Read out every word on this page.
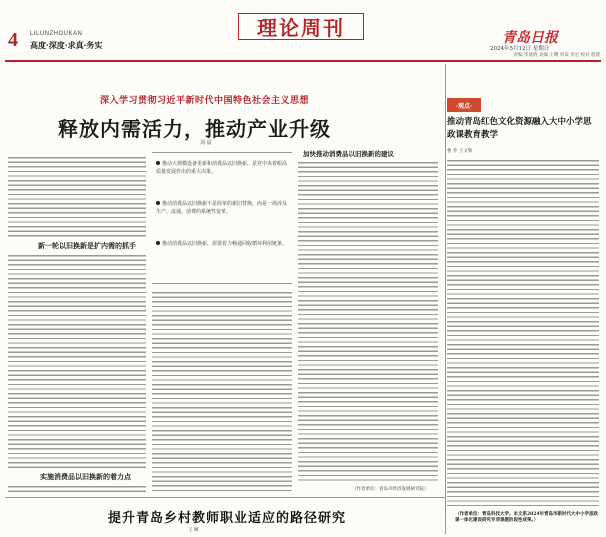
4 LILUNZHOUKAN
高度·深度·求真·务实
理论周刊	青岛日报
2024年5月12日 星期日
责编 李倩倩 美编 王曙 审读 李宏 校对 程建
深入学习贯彻习近平新时代中国特色社会主义思想
释放内需活力，推动产业升级
刘 晨
新一轮以旧换新是扩内需的抓手
实施消费品以旧换新的着力点
推动大规模设备更新和消费品以旧换新，是党中央着眼高质量发展作出的重大决策。
推动消费品以旧换新不是简单的新旧替换，而是一场涉及生产、流通、消费的系统性变革。
推动消费品以旧换新，需要着力畅通回收循环利用链条。
加快推动消费品以旧换新的建议
（作者单位：青岛市经济发展研究院）
·观点·
推动青岛红色文化资源融入大中小学思政课教育教学
曹 乔 王文辉
（作者单位：青岛科技大学。本文系2024年青岛市新时代大中小学思政课一体化建设研究专项课题阶段性成果。）
提升青岛乡村教师职业适应的路径研究
王 琳
